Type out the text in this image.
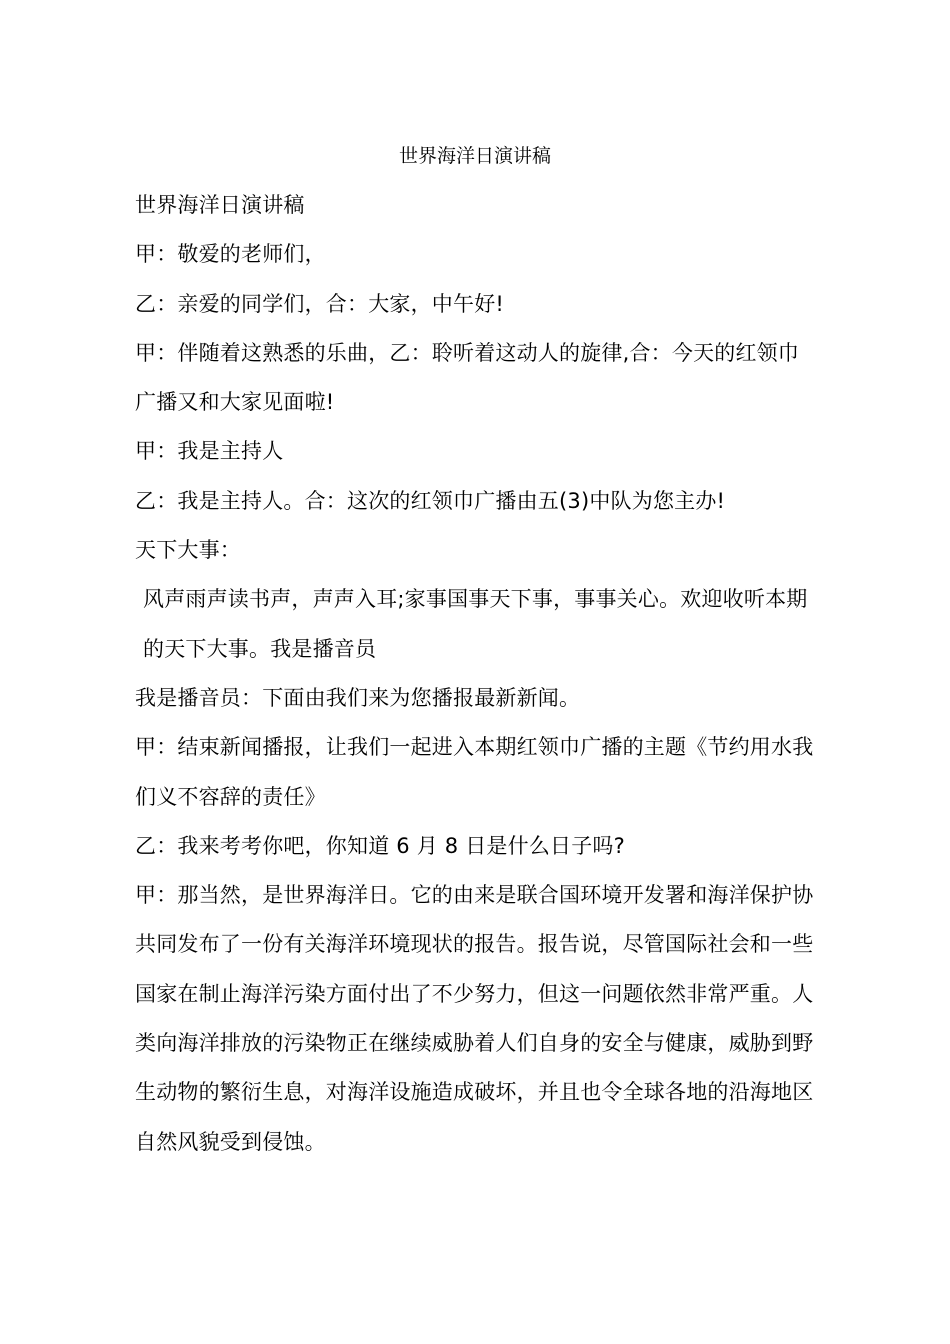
世界海洋日演讲稿

世界海洋日演讲稿

甲：敬爱的老师们，

乙：亲爱的同学们，合：大家，中午好!

甲：伴随着这熟悉的乐曲，乙：聆听着这动人的旋律,合：今天的红领巾广播又和大家见面啦!

甲：我是主持人

乙：我是主持人。合：这次的红领巾广播由五(3)中队为您主办!

天下大事：

风声雨声读书声，声声入耳;家事国事天下事，事事关心。欢迎收听本期的天下大事。我是播音员

我是播音员：下面由我们来为您播报最新新闻。

甲：结束新闻播报，让我们一起进入本期红领巾广播的主题《节约用水我们义不容辞的责任》

乙：我来考考你吧，你知道 6 月 8 日是什么日子吗?

甲：那当然，是世界海洋日。它的由来是联合国环境开发署和海洋保护协共同发布了一份有关海洋环境现状的报告。报告说，尽管国际社会和一些国家在制止海洋污染方面付出了不少努力，但这一问题依然非常严重。人类向海洋排放的污染物正在继续威胁着人们自身的安全与健康，威胁到野生动物的繁衍生息，对海洋设施造成破坏，并且也令全球各地的沿海地区自然风貌受到侵蚀。
